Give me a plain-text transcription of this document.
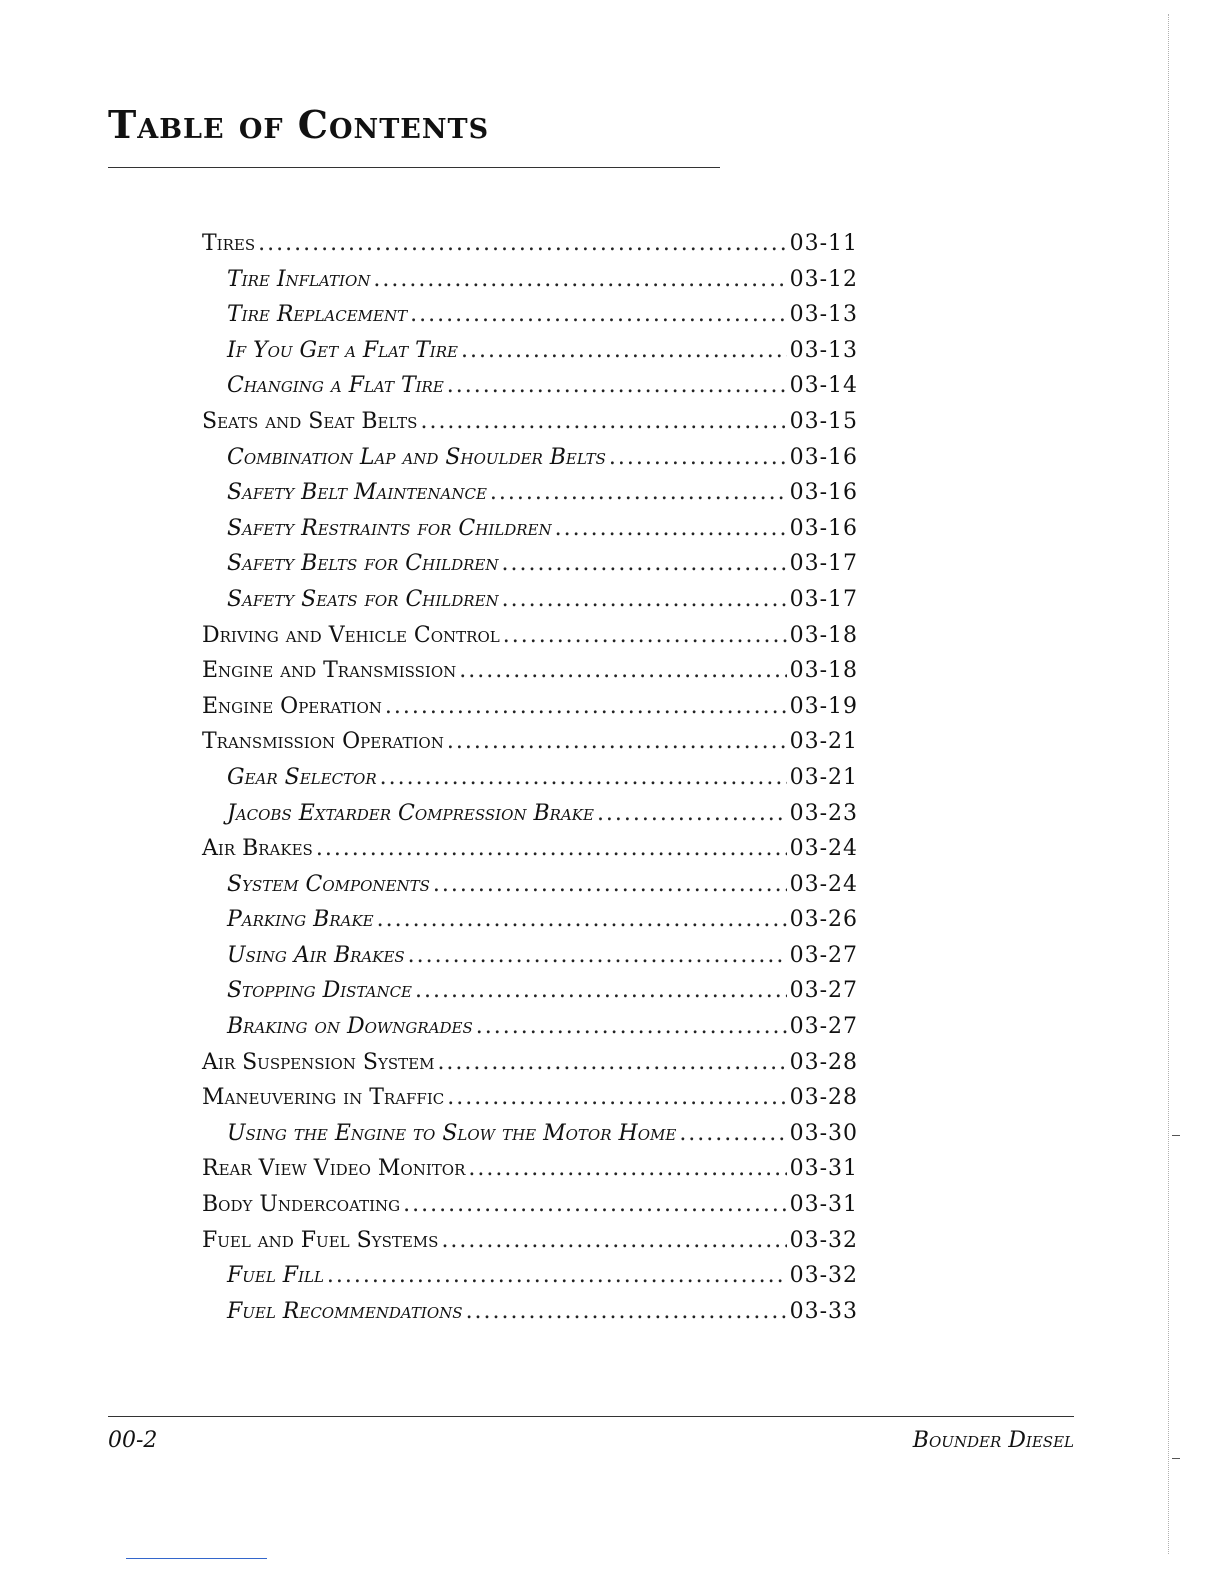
Table of Contents
Tires .....	03-11
Tire Inflation .....	03-12
Tire Replacement .....	03-13
If You Get a Flat Tire .....	03-13
Changing a Flat Tire .....	03-14
Seats and Seat Belts .....	03-15
Combination Lap and Shoulder Belts .....	03-16
Safety Belt Maintenance .....	03-16
Safety Restraints for Children .....	03-16
Safety Belts for Children .....	03-17
Safety Seats for Children .....	03-17
Driving and Vehicle Control .....	03-18
Engine and Transmission .....	03-18
Engine Operation .....	03-19
Transmission Operation .....	03-21
Gear Selector .....	03-21
Jacobs Extarder Compression Brake .....	03-23
Air Brakes .....	03-24
System Components .....	03-24
Parking Brake .....	03-26
Using Air Brakes .....	03-27
Stopping Distance .....	03-27
Braking on Downgrades .....	03-27
Air Suspension System .....	03-28
Maneuvering in Traffic .....	03-28
Using the Engine to Slow the Motor Home .....	03-30
Rear View Video Monitor .....	03-31
Body Undercoating .....	03-31
Fuel and Fuel Systems .....	03-32
Fuel Fill .....	03-32
Fuel Recommendations .....	03-33
00-2	Bounder Diesel
